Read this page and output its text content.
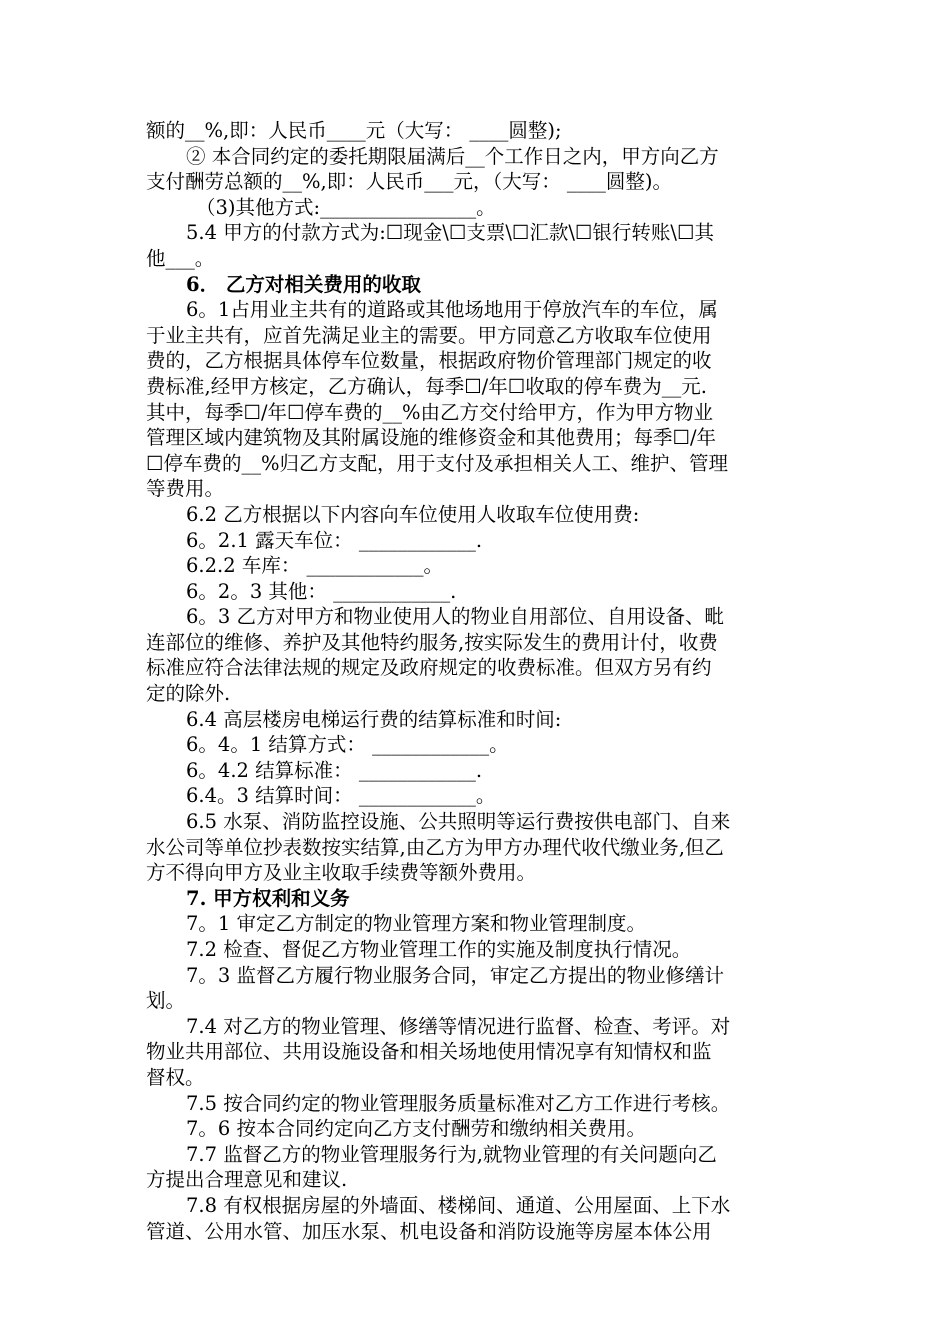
额的__%,即：人民币____元（大写： ____圆整);
② 本合同约定的委托期限届满后__个工作日之内，甲方向乙方
支付酬劳总额的__%,即：人民币___元，（大写： ____圆整)。
（3)其他方式:________________。
5.4 甲方的付款方式为:☐现金\☐支票\☐汇款\☐银行转账\☐其
他___。
6． 乙方对相关费用的收取
6。1占用业主共有的道路或其他场地用于停放汽车的车位，属
于业主共有，应首先满足业主的需要。甲方同意乙方收取车位使用
费的，乙方根据具体停车位数量，根据政府物价管理部门规定的收
费标准,经甲方核定，乙方确认，每季☐/年☐收取的停车费为__元.
其中，每季☐/年☐停车费的__%由乙方交付给甲方，作为甲方物业
管理区域内建筑物及其附属设施的维修资金和其他费用；每季☐/年
☐停车费的__%归乙方支配，用于支付及承担相关人工、维护、管理
等费用。
6.2 乙方根据以下内容向车位使用人收取车位使用费:
6。2.1 露天车位： ____________.
6.2.2 车库： ____________。
6。2。3 其他： ____________.
6。3 乙方对甲方和物业使用人的物业自用部位、自用设备、毗
连部位的维修、养护及其他特约服务,按实际发生的费用计付，收费
标准应符合法律法规的规定及政府规定的收费标准。但双方另有约
定的除外.
6.4 高层楼房电梯运行费的结算标准和时间:
6。4。1 结算方式： ____________。
6。4.2 结算标准： ____________.
6.4。3 结算时间： ____________。
6.5 水泵、消防监控设施、公共照明等运行费按供电部门、自来
水公司等单位抄表数按实结算,由乙方为甲方办理代收代缴业务,但乙
方不得向甲方及业主收取手续费等额外费用。
7. 甲方权利和义务
7。1 审定乙方制定的物业管理方案和物业管理制度。
7.2 检查、督促乙方物业管理工作的实施及制度执行情况。
7。3 监督乙方履行物业服务合同，审定乙方提出的物业修缮计
划。
7.4 对乙方的物业管理、修缮等情况进行监督、检查、考评。对
物业共用部位、共用设施设备和相关场地使用情况享有知情权和监
督权。
7.5 按合同约定的物业管理服务质量标准对乙方工作进行考核。
7。6 按本合同约定向乙方支付酬劳和缴纳相关费用。
7.7 监督乙方的物业管理服务行为,就物业管理的有关问题向乙
方提出合理意见和建议.
7.8 有权根据房屋的外墙面、楼梯间、通道、公用屋面、上下水
管道、公用水管、加压水泵、机电设备和消防设施等房屋本体公用
